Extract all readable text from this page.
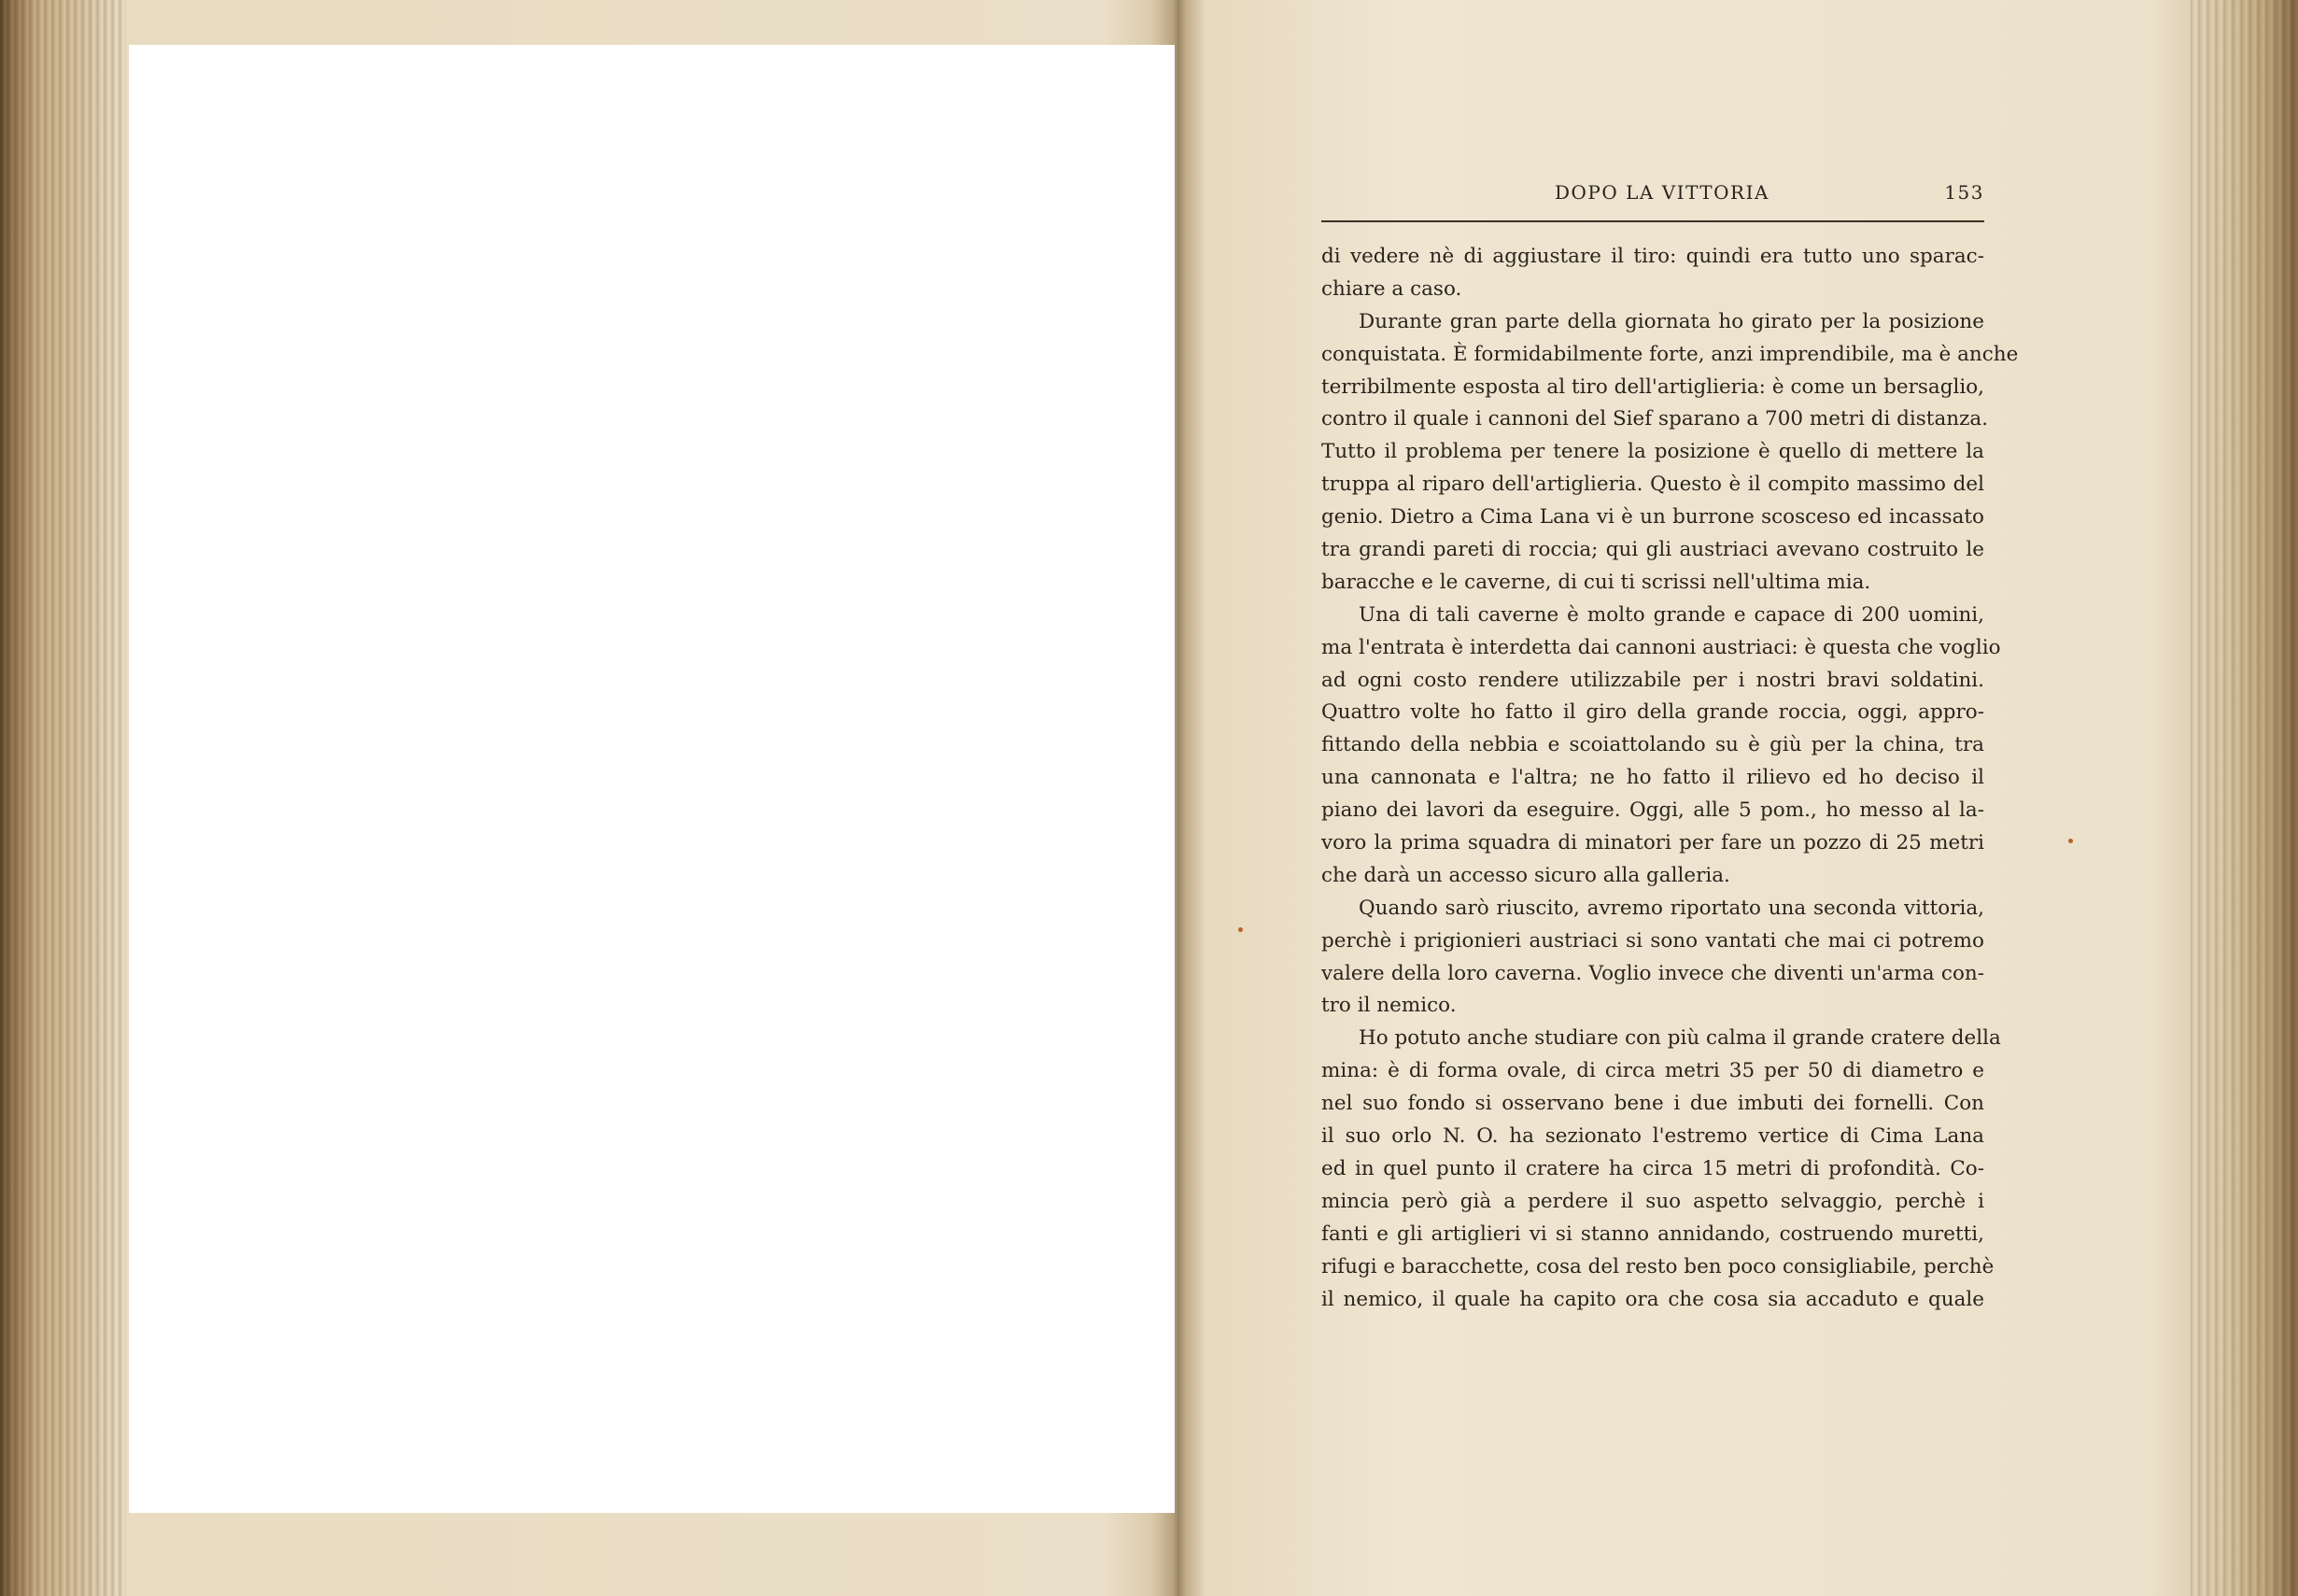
DOPO LA VITTORIA	153
di vedere nè di aggiustare il tiro: quindi era tutto uno sparac-
chiare a caso.
Durante gran parte della giornata ho girato per la posizione
conquistata. È formidabilmente forte, anzi imprendibile, ma è anche
terribilmente esposta al tiro dell'artiglieria: è come un bersaglio,
contro il quale i cannoni del Sief sparano a 700 metri di distanza.
Tutto il problema per tenere la posizione è quello di mettere la
truppa al riparo dell'artiglieria. Questo è il compito massimo del
genio. Dietro a Cima Lana vi è un burrone scosceso ed incassato
tra grandi pareti di roccia; qui gli austriaci avevano costruito le
baracche e le caverne, di cui ti scrissi nell'ultima mia.
Una di tali caverne è molto grande e capace di 200 uomini,
ma l'entrata è interdetta dai cannoni austriaci: è questa che voglio
ad ogni costo rendere utilizzabile per i nostri bravi soldatini.
Quattro volte ho fatto il giro della grande roccia, oggi, appro-
fittando della nebbia e scoiattolando su è giù per la china, tra
una cannonata e l'altra; ne ho fatto il rilievo ed ho deciso il
piano dei lavori da eseguire. Oggi, alle 5 pom., ho messo al la-
voro la prima squadra di minatori per fare un pozzo di 25 metri
che darà un accesso sicuro alla galleria.
Quando sarò riuscito, avremo riportato una seconda vittoria,
perchè i prigionieri austriaci si sono vantati che mai ci potremo
valere della loro caverna. Voglio invece che diventi un'arma con-
tro il nemico.
Ho potuto anche studiare con più calma il grande cratere della
mina: è di forma ovale, di circa metri 35 per 50 di diametro e
nel suo fondo si osservano bene i due imbuti dei fornelli. Con
il suo orlo N. O. ha sezionato l'estremo vertice di Cima Lana
ed in quel punto il cratere ha circa 15 metri di profondità. Co-
mincia però già a perdere il suo aspetto selvaggio, perchè i
fanti e gli artiglieri vi si stanno annidando, costruendo muretti,
rifugi e baracchette, cosa del resto ben poco consigliabile, perchè
il nemico, il quale ha capito ora che cosa sia accaduto e quale
